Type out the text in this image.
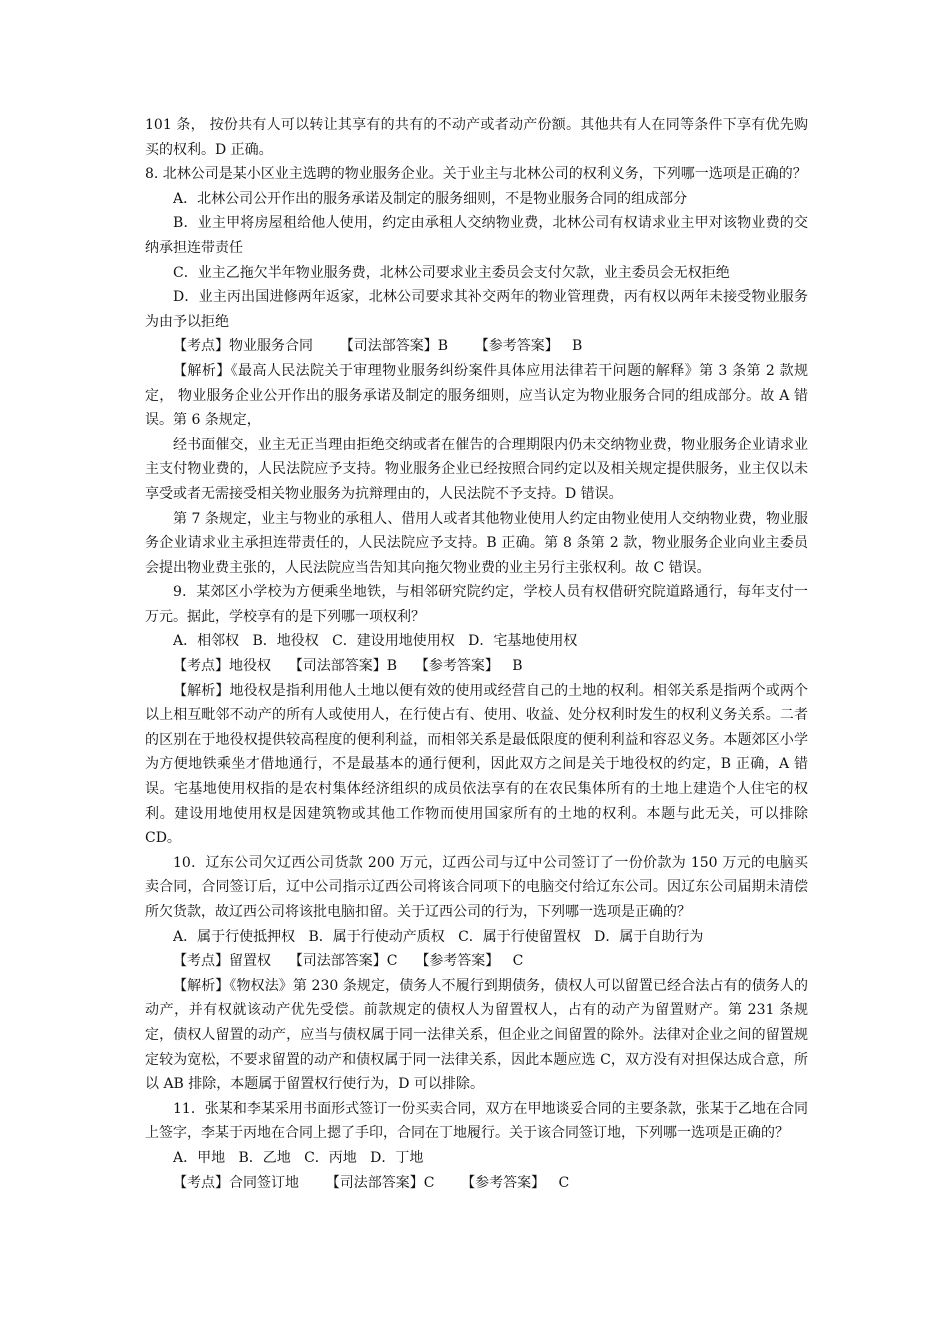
101 条， 按份共有人可以转让其享有的共有的不动产或者动产份额。其他共有人在同等条件下享有优先购买的权利。D 正确。

8. 北林公司是某小区业主选聘的物业服务企业。关于业主与北林公司的权利义务，下列哪一选项是正确的？

A．北林公司公开作出的服务承诺及制定的服务细则，不是物业服务合同的组成部分

B．业主甲将房屋租给他人使用，约定由承租人交纳物业费，北林公司有权请求业主甲对该物业费的交纳承担连带责任

C．业主乙拖欠半年物业服务费，北林公司要求业主委员会支付欠款，业主委员会无权拒绝

D．业主丙出国进修两年返家，北林公司要求其补交两年的物业管理费，丙有权以两年未接受物业服务为由予以拒绝

【考点】物业服务合同      【司法部答案】B      【参考答案】   B

【解析】《最高人民法院关于审理物业服务纠纷案件具体应用法律若干问题的解释》第 3 条第 2 款规定， 物业服务企业公开作出的服务承诺及制定的服务细则，应当认定为物业服务合同的组成部分。故 A 错误。第 6 条规定，

经书面催交，业主无正当理由拒绝交纳或者在催告的合理期限内仍未交纳物业费，物业服务企业请求业主支付物业费的，人民法院应予支持。物业服务企业已经按照合同约定以及相关规定提供服务，业主仅以未享受或者无需接受相关物业服务为抗辩理由的，人民法院不予支持。D 错误。

第 7 条规定，业主与物业的承租人、借用人或者其他物业使用人约定由物业使用人交纳物业费，物业服务企业请求业主承担连带责任的，人民法院应予支持。B 正确。第 8 条第 2 款，物业服务企业向业主委员会提出物业费主张的，人民法院应当告知其向拖欠物业费的业主另行主张权利。故 C 错误。

9．某郊区小学校为方便乘坐地铁，与相邻研究院约定，学校人员有权借研究院道路通行，每年支付一万元。据此，学校享有的是下列哪一项权利？

A．相邻权   B．地役权   C．建设用地使用权   D．宅基地使用权

【考点】地役权    【司法部答案】B    【参考答案】   B

【解析】地役权是指利用他人土地以便有效的使用或经营自己的土地的权利。相邻关系是指两个或两个以上相互毗邻不动产的所有人或使用人，在行使占有、使用、收益、处分权利时发生的权利义务关系。二者的区别在于地役权提供较高程度的便利利益，而相邻关系是最低限度的便利利益和容忍义务。本题郊区小学为方便地铁乘坐才借地通行，不是最基本的通行便利，因此双方之间是关于地役权的约定，B 正确，A 错误。宅基地使用权指的是农村集体经济组织的成员依法享有的在农民集体所有的土地上建造个人住宅的权利。建设用地使用权是因建筑物或其他工作物而使用国家所有的土地的权利。本题与此无关，可以排除 CD。

10．辽东公司欠辽西公司货款 200 万元，辽西公司与辽中公司签订了一份价款为 150 万元的电脑买卖合同，合同签订后，辽中公司指示辽西公司将该合同项下的电脑交付给辽东公司。因辽东公司届期未清偿所欠货款，故辽西公司将该批电脑扣留。关于辽西公司的行为，下列哪一选项是正确的？

A．属于行使抵押权   B．属于行使动产质权   C．属于行使留置权   D．属于自助行为

【考点】留置权    【司法部答案】C    【参考答案】   C

【解析】《物权法》第 230 条规定，债务人不履行到期债务，债权人可以留置已经合法占有的债务人的动产，并有权就该动产优先受偿。前款规定的债权人为留置权人，占有的动产为留置财产。第 231 条规定，债权人留置的动产，应当与债权属于同一法律关系，但企业之间留置的除外。法律对企业之间的留置规定较为宽松，不要求留置的动产和债权属于同一法律关系，因此本题应选 C，双方没有对担保达成合意，所以 AB 排除，本题属于留置权行使行为，D 可以排除。

11．张某和李某采用书面形式签订一份买卖合同，双方在甲地谈妥合同的主要条款，张某于乙地在合同上签字，李某于丙地在合同上摁了手印，合同在丁地履行。关于该合同签订地，下列哪一选项是正确的？

A．甲地   B．乙地   C．丙地   D．丁地

【考点】合同签订地      【司法部答案】C      【参考答案】   C
